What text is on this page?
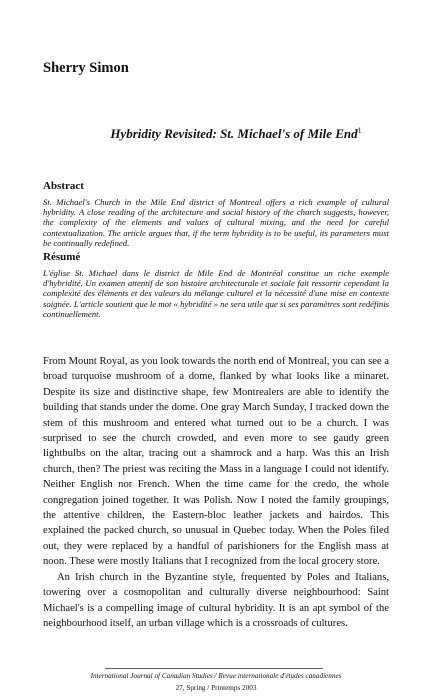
Sherry Simon
Hybridity Revisited: St. Michael's of Mile End$^1$
Abstract

St. Michael's Church in the Mile End district of Montreal offers a rich example of cultural hybridity. A close reading of the architecture and social history of the church suggests, however, the complexity of the elements and values of cultural mixing, and the need for careful contextualization. The article argues that, if the term hybridity is to be useful, its parameters must be continually redefined.

Résumé

L'église St. Michael dans le district de Mile End de Montréal constitue un riche exemple d'hybridité. Un examen attentif de son histoire architecturale et sociale fait ressortir cependant la complexité des éléments et des valeurs du mélange culturel et la nécessité d'une mise en contexte soignée. L'article soutient que le mot « hybridité » ne sera utile que si ses paramètres sont redéfinis continuellement.

From Mount Royal, as you look towards the north end of Montreal, you can see a broad turquoise mushroom of a dome, flanked by what looks like a minaret. Despite its size and distinctive shape, few Montrealers are able to identify the building that stands under the dome. One gray March Sunday, I tracked down the stem of this mushroom and entered what turned out to be a church. I was surprised to see the church crowded, and even more to see gaudy green lightbulbs on the altar, tracing out a shamrock and a harp. Was this an Irish church, then? The priest was reciting the Mass in a language I could not identify. Neither English nor French. When the time came for the credo, the whole congregation joined together. It was Polish. Now I noted the family groupings, the attentive children, the Eastern-bloc leather jackets and hairdos. This explained the packed church, so unusual in Quebec today. When the Poles filed out, they were replaced by a handful of parishioners for the English mass at noon. These were mostly Italians that I recognized from the local grocery store.

An Irish church in the Byzantine style, frequented by Poles and Italians, towering over a cosmopolitan and culturally diverse neighbourhood: Saint Michael's is a compelling image of cultural hybridity. It is an apt symbol of the neighbourhood itself, an urban village which is a crossroads of cultures.

International Journal of Canadian Studies / Revue internationale d'études canadiennes

27, Spring / Printemps 2003
